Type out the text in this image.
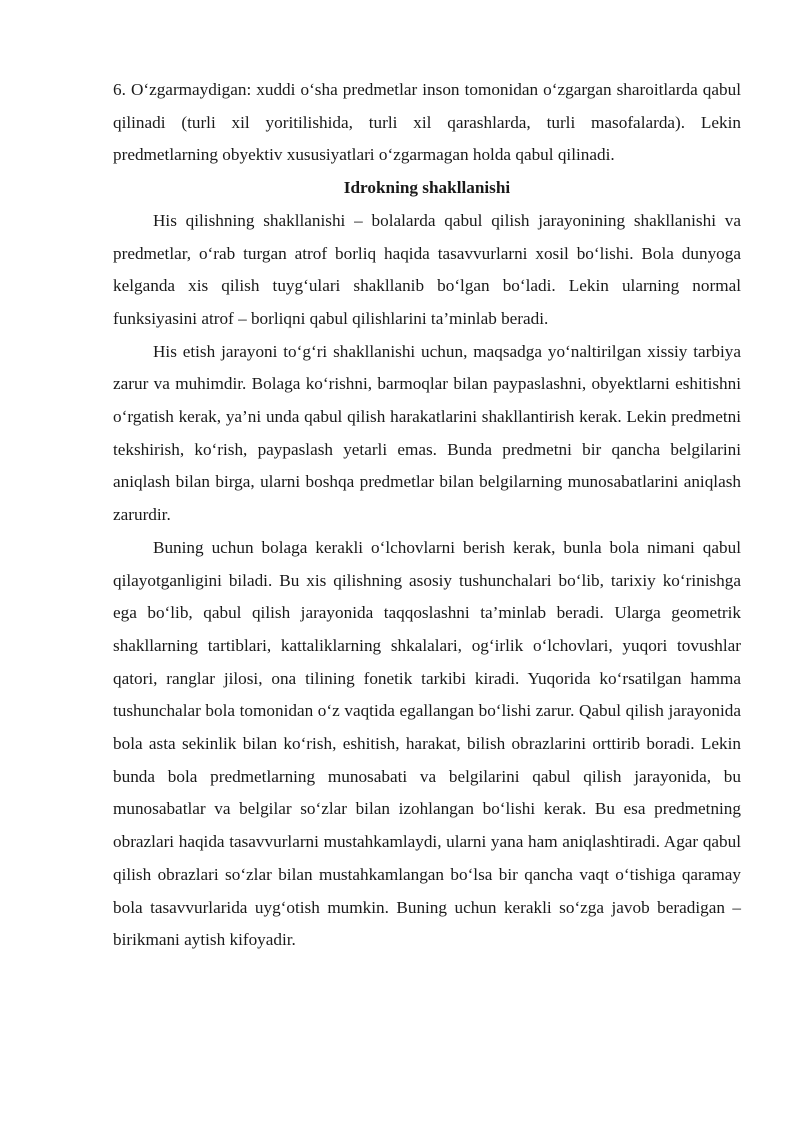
6. O‘zgarmaydigan: xuddi o‘sha predmetlar inson tomonidan o‘zgargan sharoitlarda qabul qilinadi (turli xil yoritilishida, turli xil qarashlarda, turli masofalarda). Lekin predmetlarning obyektiv xususiyatlari o‘zgarmagan holda qabul qilinadi.

Idrokning shakllanishi

His qilishning shakllanishi – bolalarda qabul qilish jarayonining shakllanishi va predmetlar, o‘rab turgan atrof borliq haqida tasavvurlarni xosil bo‘lishi. Bola dunyoga kelganda xis qilish tuyg‘ulari shakllanib bo‘lgan bo‘ladi. Lekin ularning normal funksiyasini atrof – borliqni qabul qilishlarini ta’minlab beradi.

His etish jarayoni to‘g‘ri shakllanishi uchun, maqsadga yo‘naltirilgan xissiy tarbiya zarur va muhimdir. Bolaga ko‘rishni, barmoqlar bilan paypaslashni, obyektlarni eshitishni o‘rgatish kerak, ya’ni unda qabul qilish harakatlarini shakllantirish kerak. Lekin predmetni tekshirish, ko‘rish, paypaslash yetarli emas. Bunda predmetni bir qancha belgilarini aniqlash bilan birga, ularni boshqa predmetlar bilan belgilarning munosabatlarini aniqlash zarurdir.

Buning uchun bolaga kerakli o‘lchovlarni berish kerak, bunla bola nimani qabul qilayotganligini biladi. Bu xis qilishning asosiy tushunchalari bo‘lib, tarixiy ko‘rinishga ega bo‘lib, qabul qilish jarayonida taqqoslashni ta’minlab beradi. Ularga geometrik shakllarning tartiblari, kattaliklarning shkalalari, og‘irlik o‘lchovlari, yuqori tovushlar qatori, ranglar jilosi, ona tilining fonetik tarkibi kiradi. Yuqorida ko‘rsatilgan hamma tushunchalar bola tomonidan o‘z vaqtida egallangan bo‘lishi zarur. Qabul qilish jarayonida bola asta sekinlik bilan ko‘rish, eshitish, harakat, bilish obrazlarini orttirib boradi. Lekin bunda bola predmetlarning munosabati va belgilarini qabul qilish jarayonida, bu munosabatlar va belgilar so‘zlar bilan izohlangan bo‘lishi kerak. Bu esa predmetning obrazlari haqida tasavvurlarni mustahkamlaydi, ularni yana ham aniqlashtiradi. Agar qabul qilish obrazlari so‘zlar bilan mustahkamlangan bo‘lsa bir qancha vaqt o‘tishiga qaramay bola tasavvurlarida uyg‘otish mumkin. Buning uchun kerakli so‘zga javob beradigan – birikmani aytish kifoyadir.
